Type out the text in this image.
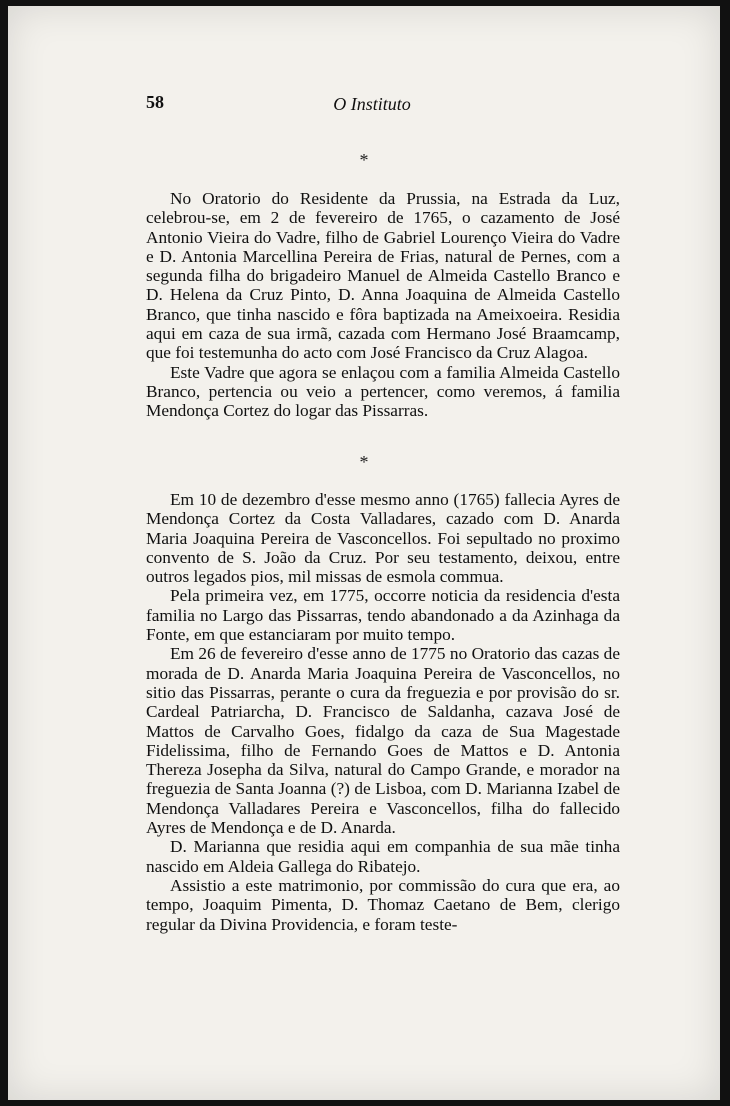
58	O Instituto
*

No Oratorio do Residente da Prussia, na Estrada da Luz, celebrou-se, em 2 de fevereiro de 1765, o cazamento de José Antonio Vieira do Vadre, filho de Gabriel Lourenço Vieira do Vadre e D. Antonia Marcellina Pereira de Frias, natural de Pernes, com a segunda filha do brigadeiro Manuel de Almeida Castello Branco e D. Helena da Cruz Pinto, D. Anna Joaquina de Almeida Castello Branco, que tinha nascido e fôra baptizada na Ameixoeira. Residia aqui em caza de sua irmã, cazada com Hermano José Braamcamp, que foi testemunha do acto com José Francisco da Cruz Alagoa.

Este Vadre que agora se enlaçou com a familia Almeida Castello Branco, pertencia ou veio a pertencer, como veremos, á familia Mendonça Cortez do logar das Pissarras.

*

Em 10 de dezembro d'esse mesmo anno (1765) fallecia Ayres de Mendonça Cortez da Costa Valladares, cazado com D. Anarda Maria Joaquina Pereira de Vasconcellos. Foi sepultado no proximo convento de S. João da Cruz. Por seu testamento, deixou, entre outros legados pios, mil missas de esmola commua.

Pela primeira vez, em 1775, occorre noticia da residencia d'esta familia no Largo das Pissarras, tendo abandonado a da Azinhaga da Fonte, em que estanciaram por muito tempo.

Em 26 de fevereiro d'esse anno de 1775 no Oratorio das cazas de morada de D. Anarda Maria Joaquina Pereira de Vasconcellos, no sitio das Pissarras, perante o cura da freguezia e por provisão do sr. Cardeal Patriarcha, D. Francisco de Saldanha, cazava José de Mattos de Carvalho Goes, fidalgo da caza de Sua Magestade Fidelissima, filho de Fernando Goes de Mattos e D. Antonia Thereza Josepha da Silva, natural do Campo Grande, e morador na freguezia de Santa Joanna (?) de Lisboa, com D. Marianna Izabel de Mendonça Valladares Pereira e Vasconcellos, filha do fallecido Ayres de Mendonça e de D. Anarda.

D. Marianna que residia aqui em companhia de sua mãe tinha nascido em Aldeia Gallega do Ribatejo.

Assistio a este matrimonio, por commissão do cura que era, ao tempo, Joaquim Pimenta, D. Thomaz Caetano de Bem, clerigo regular da Divina Providencia, e foram teste-
